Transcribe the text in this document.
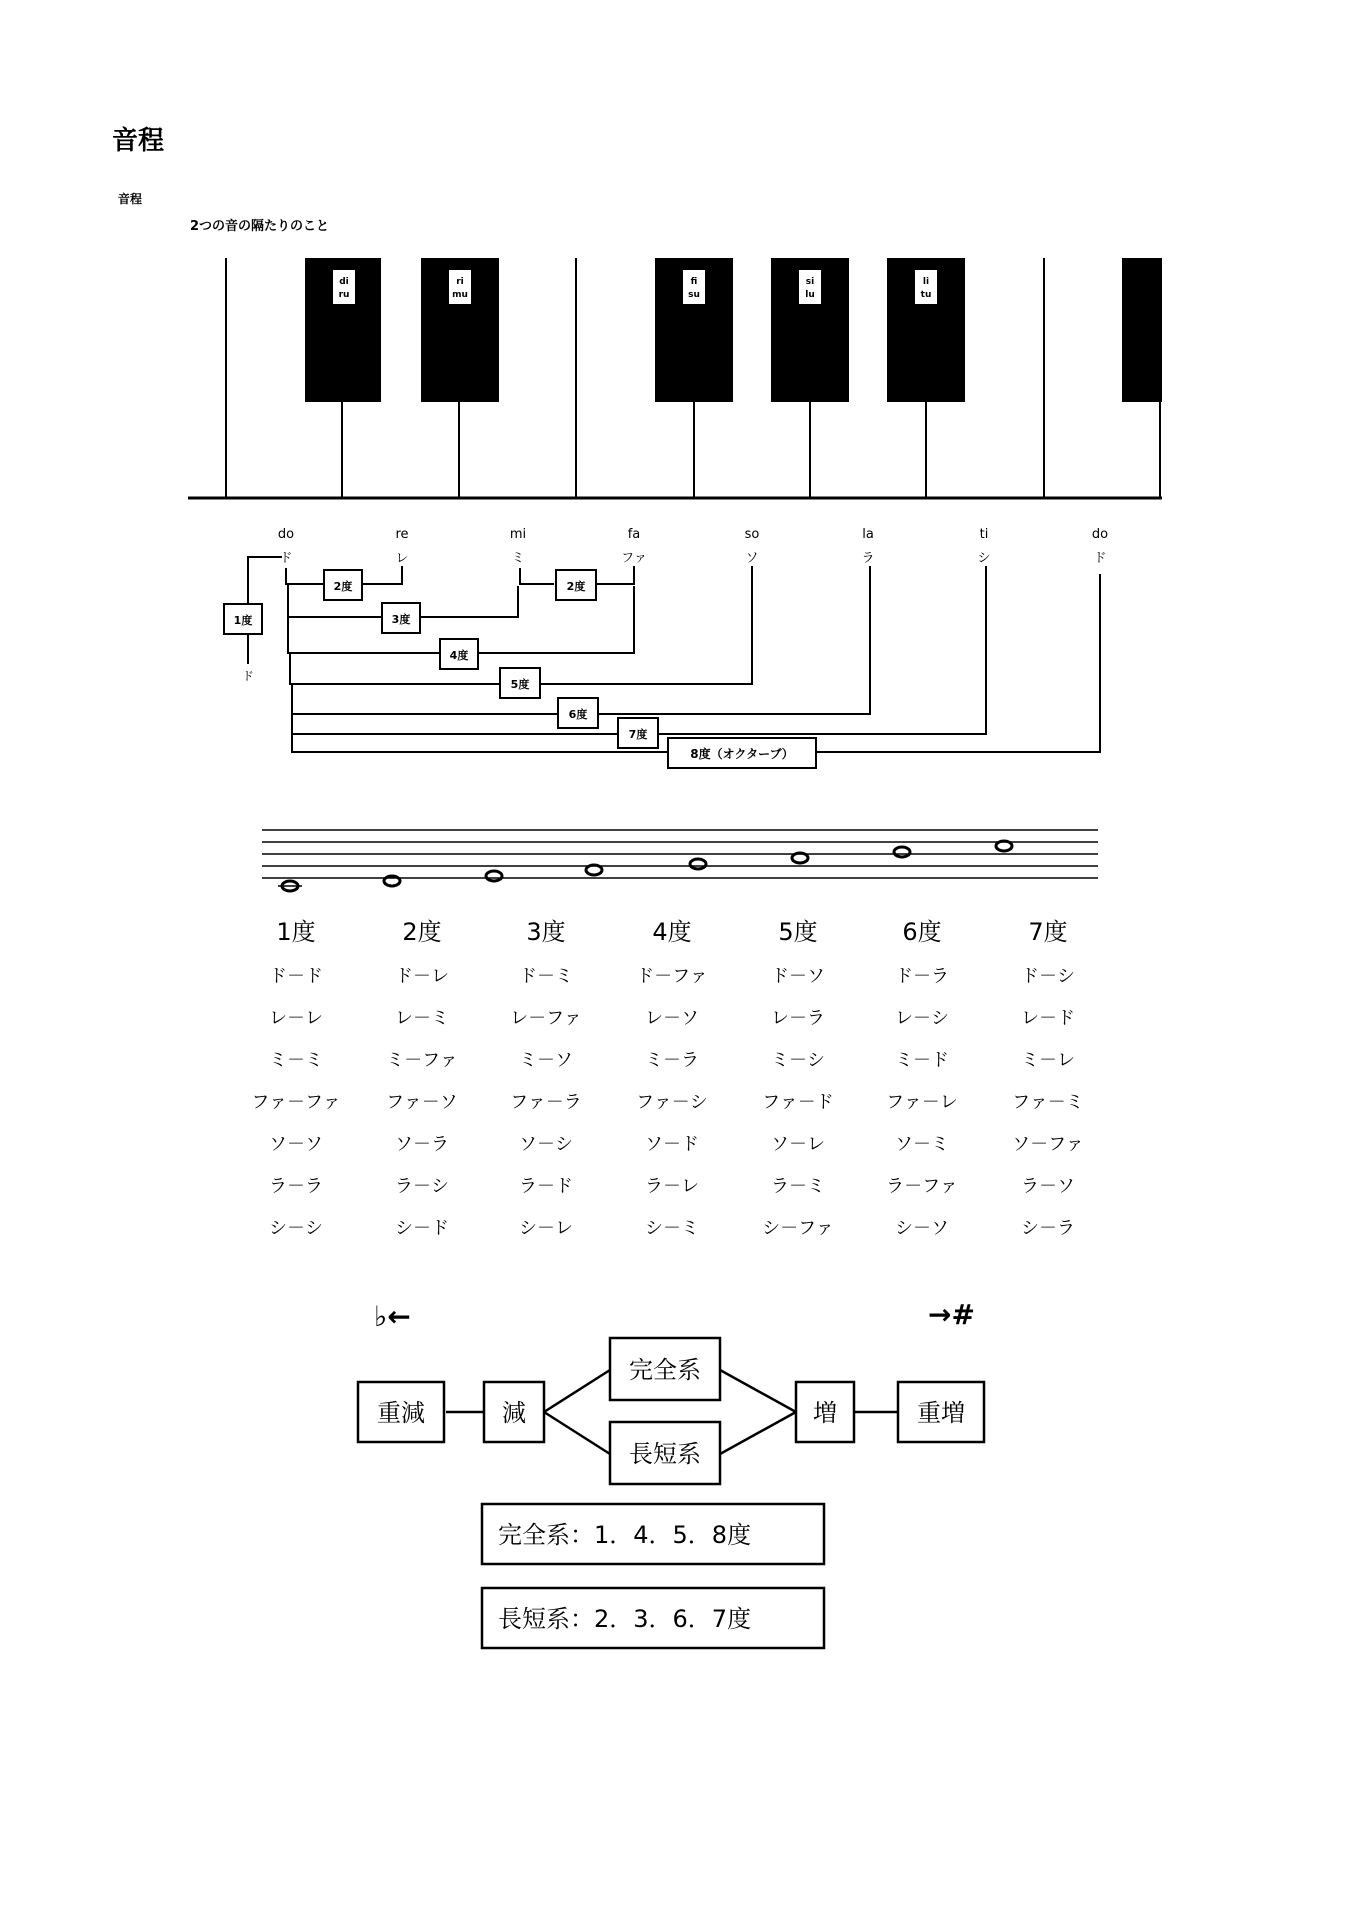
音程
音程
2つの音の隔たりのこと
di
ru
ri
mu
fi
su
si
lu
li
tu
do	re	mi	fa	so	la	ti	do
ド	レ	ミ	ファ	ソ	ラ	シ	ド
1度
ド
2度	2度
3度
4度
5度
6度
7度
8度（オクターブ）
1度	2度	3度	4度	5度	6度	7度
ド－ド	ド－レ	ド－ミ	ド－ファ	ド－ソ	ド－ラ	ド－シ
レ－レ	レ－ミ	レ－ファ	レ－ソ	レ－ラ	レ－シ	レ－ド
ミ－ミ	ミ－ファ	ミ－ソ	ミ－ラ	ミ－シ	ミ－ド	ミ－レ
ファ－ファ	ファ－ソ	ファ－ラ	ファ－シ	ファ－ド	ファ－レ	ファ－ミ
ソ－ソ	ソ－ラ	ソ－シ	ソ－ド	ソ－レ	ソ－ミ	ソ－ファ
ラ－ラ	ラ－シ	ラ－ド	ラ－レ	ラ－ミ	ラ－ファ	ラ－ソ
シ－シ	シ－ド	シ－レ	シ－ミ	シ－ファ	シ－ソ	シ－ラ
♭←	→#
重減	減
完全系
長短系
増	重増
完全系：1．4．5．8度
長短系：2．3．6．7度
